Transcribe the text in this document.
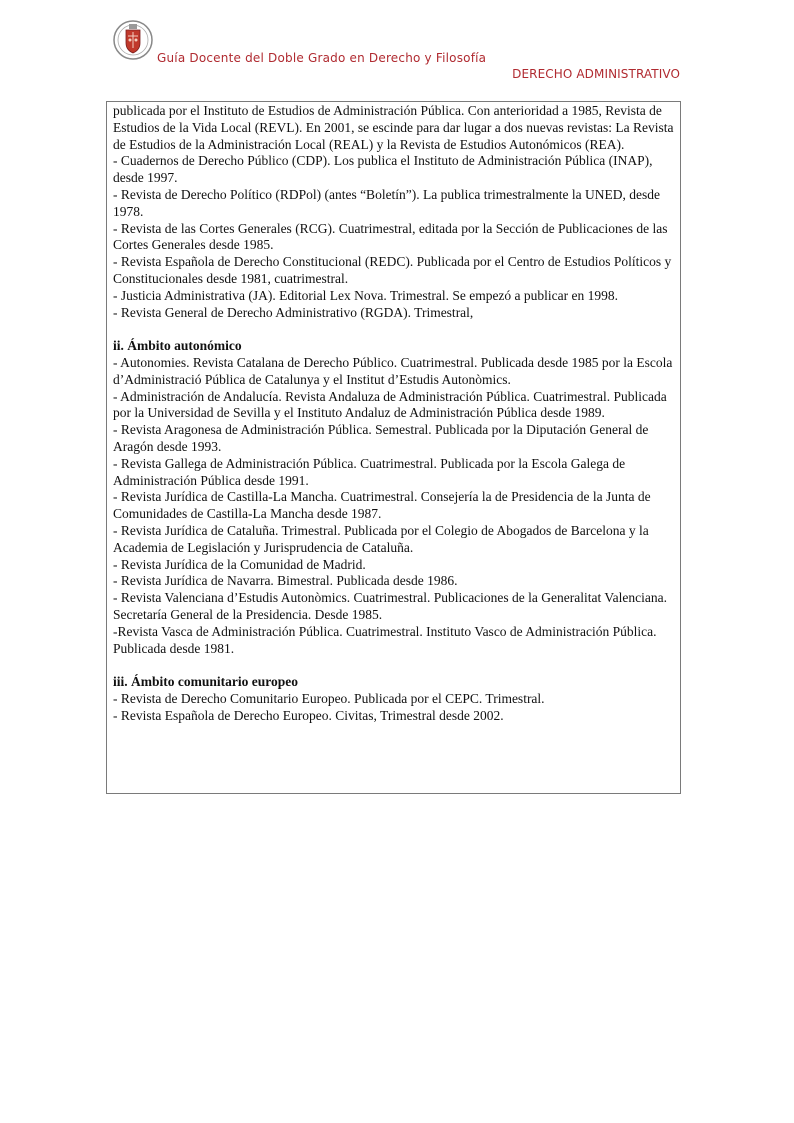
Guía Docente del Doble Grado en Derecho y Filosofía
DERECHO ADMINISTRATIVO

publicada por el Instituto de Estudios de Administración Pública. Con anterioridad a 1985, Revista de Estudios de la Vida Local (REVL). En 2001, se escinde para dar lugar a dos nuevas revistas: La Revista de Estudios de la Administración Local (REAL) y la Revista de Estudios Autonómicos (REA).

- Cuadernos de Derecho Público (CDP). Los publica el Instituto de Administración Pública (INAP), desde 1997.

- Revista de Derecho Político (RDPol) (antes “Boletín”). La publica trimestralmente la UNED, desde 1978.

- Revista de las Cortes Generales (RCG). Cuatrimestral, editada por la Sección de Publicaciones de las Cortes Generales desde 1985.

- Revista Española de Derecho Constitucional (REDC). Publicada por el Centro de Estudios Políticos y Constitucionales desde 1981, cuatrimestral.

- Justicia Administrativa (JA). Editorial Lex Nova. Trimestral. Se empezó a publicar en 1998.

- Revista General de Derecho Administrativo (RGDA). Trimestral,

ii. Ámbito autonómico

- Autonomies. Revista Catalana de Derecho Público. Cuatrimestral. Publicada desde 1985 por la Escola d’Administració Pública de Catalunya y el Institut d’Estudis Autonòmics.

- Administración de Andalucía. Revista Andaluza de Administración Pública. Cuatrimestral. Publicada por la Universidad de Sevilla y el Instituto Andaluz de Administración Pública desde 1989.

- Revista Aragonesa de Administración Pública. Semestral. Publicada por la Diputación General de Aragón desde 1993.

- Revista Gallega de Administración Pública. Cuatrimestral. Publicada por la Escola Galega de Administración Pública desde 1991.

- Revista Jurídica de Castilla-La Mancha. Cuatrimestral. Consejería la de Presidencia de la Junta de Comunidades de Castilla-La Mancha desde 1987.

- Revista Jurídica de Cataluña. Trimestral. Publicada por el Colegio de Abogados de Barcelona y la Academia de Legislación y Jurisprudencia de Cataluña.

- Revista Jurídica de la Comunidad de Madrid.

- Revista Jurídica de Navarra. Bimestral. Publicada desde 1986.

- Revista Valenciana d’Estudis Autonòmics. Cuatrimestral. Publicaciones de la Generalitat Valenciana. Secretaría General de la Presidencia. Desde 1985.

-Revista Vasca de Administración Pública. Cuatrimestral. Instituto Vasco de Administración Pública. Publicada desde 1981.

iii. Ámbito comunitario europeo

- Revista de Derecho Comunitario Europeo. Publicada por el CEPC. Trimestral.

- Revista Española de Derecho Europeo. Civitas, Trimestral desde 2002.
